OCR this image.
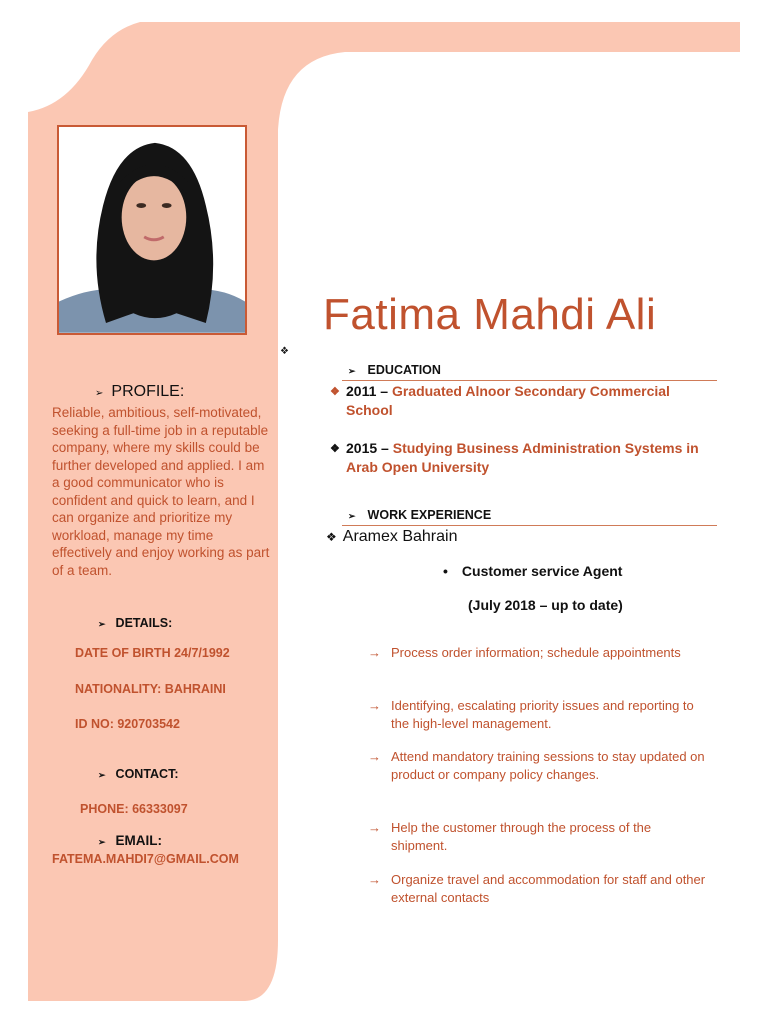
❖
➢ PROFILE:
Reliable, ambitious, self-motivated, seeking a full-time job in a reputable company, where my skills could be further developed and applied. I am a good communicator who is confident and quick to learn, and I can organize and prioritize my workload, manage my time effectively and enjoy working as part of a team.
➢ DETAILS:
DATE OF BIRTH 24/7/1992
NATIONALITY: BAHRAINI
ID NO: 920703542
➢ CONTACT:
PHONE: 66333097
➢ EMAIL:
FATEMA.MAHDI7@GMAIL.COM
Fatima Mahdi Ali
➢ EDUCATION
❖ 2011 – Graduated Alnoor Secondary Commercial School
❖ 2015 – Studying Business Administration Systems in Arab Open University
➢ WORK EXPERIENCE
❖ Aramex Bahrain
• Customer service Agent
(July 2018 – up to date)
→ Process order information; schedule appointments
→ Identifying, escalating priority issues and reporting to the high-level management.
→ Attend mandatory training sessions to stay updated on product or company policy changes.
→ Help the customer through the process of the shipment.
→ Organize travel and accommodation for staff and other external contacts
